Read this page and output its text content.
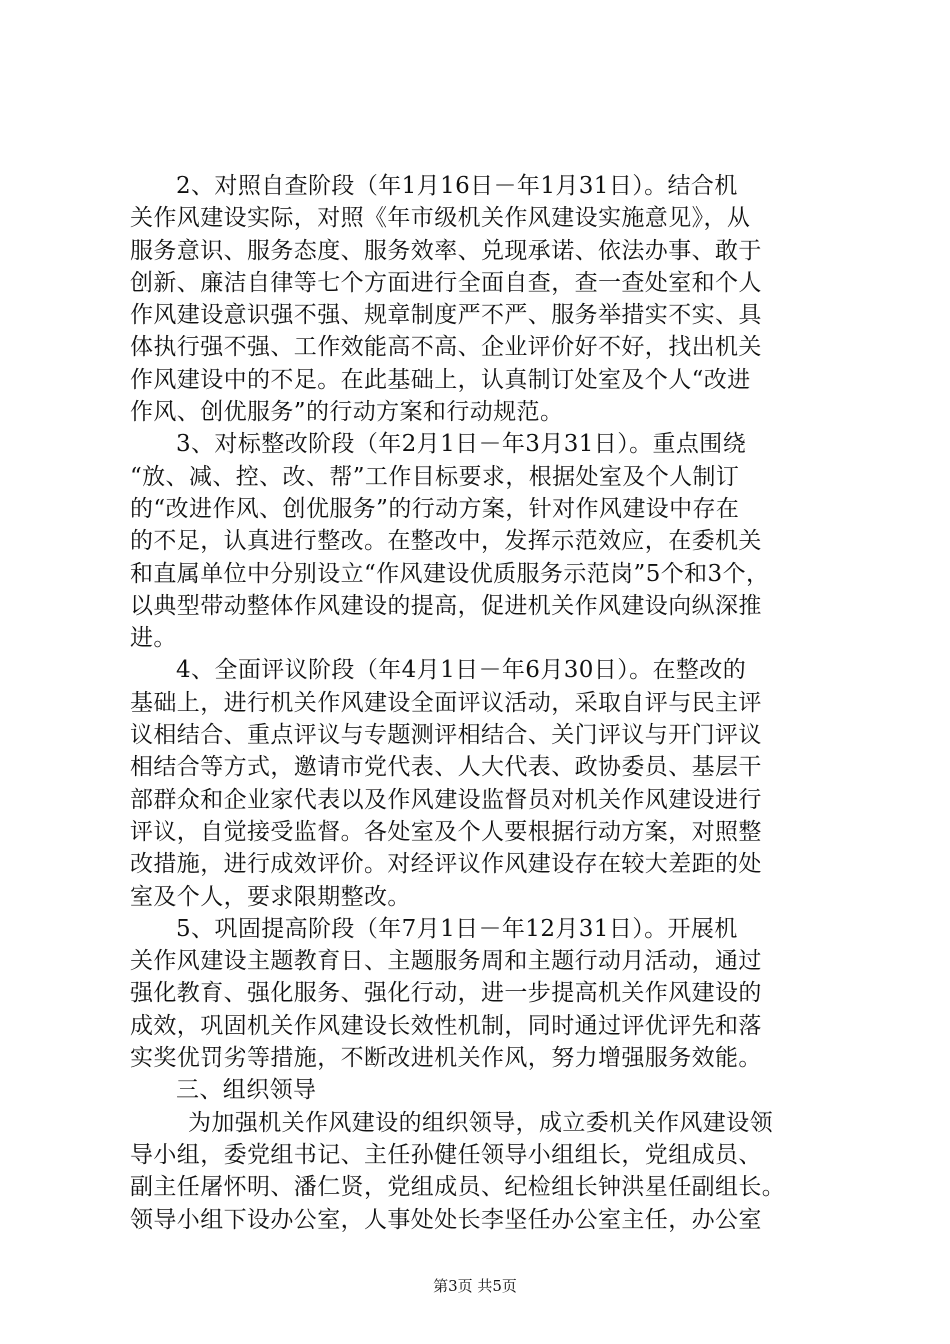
2、对照自查阶段（年1月16日－年1月31日）。结合机
关作风建设实际，对照《年市级机关作风建设实施意见》，从
服务意识、服务态度、服务效率、兑现承诺、依法办事、敢于
创新、廉洁自律等七个方面进行全面自查，查一查处室和个人
作风建设意识强不强、规章制度严不严、服务举措实不实、具
体执行强不强、工作效能高不高、企业评价好不好，找出机关
作风建设中的不足。在此基础上，认真制订处室及个人“改进
作风、创优服务”的行动方案和行动规范。
3、对标整改阶段（年2月1日－年3月31日）。重点围绕
“放、减、控、改、帮”工作目标要求，根据处室及个人制订
的“改进作风、创优服务”的行动方案，针对作风建设中存在
的不足，认真进行整改。在整改中，发挥示范效应，在委机关
和直属单位中分别设立“作风建设优质服务示范岗”5个和3个，
以典型带动整体作风建设的提高，促进机关作风建设向纵深推
进。
4、全面评议阶段（年4月1日－年6月30日）。在整改的
基础上，进行机关作风建设全面评议活动，采取自评与民主评
议相结合、重点评议与专题测评相结合、关门评议与开门评议
相结合等方式，邀请市党代表、人大代表、政协委员、基层干
部群众和企业家代表以及作风建设监督员对机关作风建设进行
评议，自觉接受监督。各处室及个人要根据行动方案，对照整
改措施，进行成效评价。对经评议作风建设存在较大差距的处
室及个人，要求限期整改。
5、巩固提高阶段（年7月1日－年12月31日）。开展机
关作风建设主题教育日、主题服务周和主题行动月活动，通过
强化教育、强化服务、强化行动，进一步提高机关作风建设的
成效，巩固机关作风建设长效性机制，同时通过评优评先和落
实奖优罚劣等措施，不断改进机关作风，努力增强服务效能。
三、组织领导
为加强机关作风建设的组织领导，成立委机关作风建设领
导小组，委党组书记、主任孙健任领导小组组长，党组成员、
副主任屠怀明、潘仁贤，党组成员、纪检组长钟洪星任副组长。
领导小组下设办公室，人事处处长李坚任办公室主任，办公室
第3页 共5页
